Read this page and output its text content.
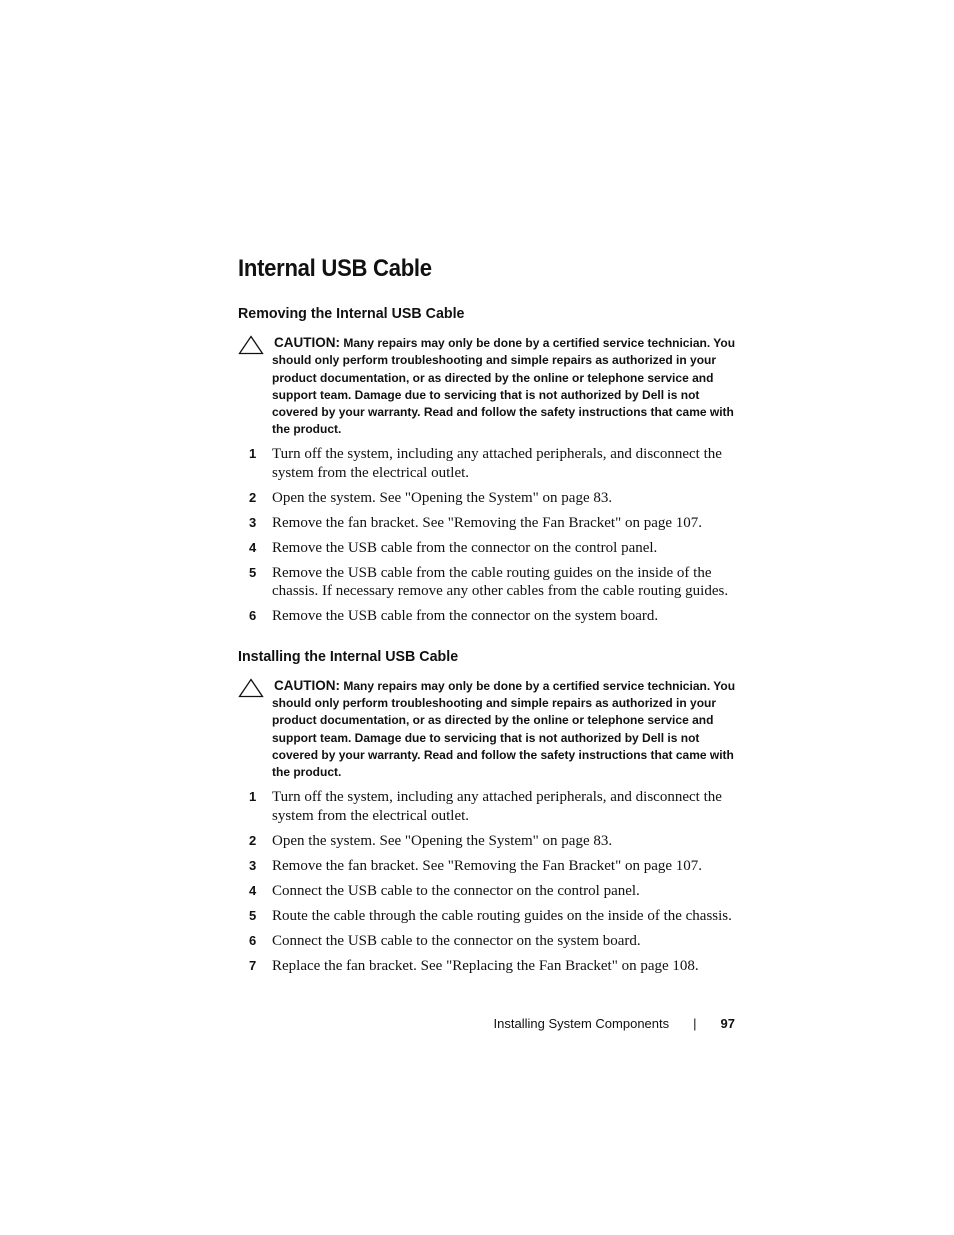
Internal USB Cable
Removing the Internal USB Cable
CAUTION: Many repairs may only be done by a certified service technician. You should only perform troubleshooting and simple repairs as authorized in your product documentation, or as directed by the online or telephone service and support team. Damage due to servicing that is not authorized by Dell is not covered by your warranty. Read and follow the safety instructions that came with the product.
1 Turn off the system, including any attached peripherals, and disconnect the system from the electrical outlet.
2 Open the system. See "Opening the System" on page 83.
3 Remove the fan bracket. See "Removing the Fan Bracket" on page 107.
4 Remove the USB cable from the connector on the control panel.
5 Remove the USB cable from the cable routing guides on the inside of the chassis. If necessary remove any other cables from the cable routing guides.
6 Remove the USB cable from the connector on the system board.
Installing the Internal USB Cable
CAUTION: Many repairs may only be done by a certified service technician. You should only perform troubleshooting and simple repairs as authorized in your product documentation, or as directed by the online or telephone service and support team. Damage due to servicing that is not authorized by Dell is not covered by your warranty. Read and follow the safety instructions that came with the product.
1 Turn off the system, including any attached peripherals, and disconnect the system from the electrical outlet.
2 Open the system. See "Opening the System" on page 83.
3 Remove the fan bracket. See "Removing the Fan Bracket" on page 107.
4 Connect the USB cable to the connector on the control panel.
5 Route the cable through the cable routing guides on the inside of the chassis.
6 Connect the USB cable to the connector on the system board.
7 Replace the fan bracket. See "Replacing the Fan Bracket" on page 108.
Installing System Components | 97
